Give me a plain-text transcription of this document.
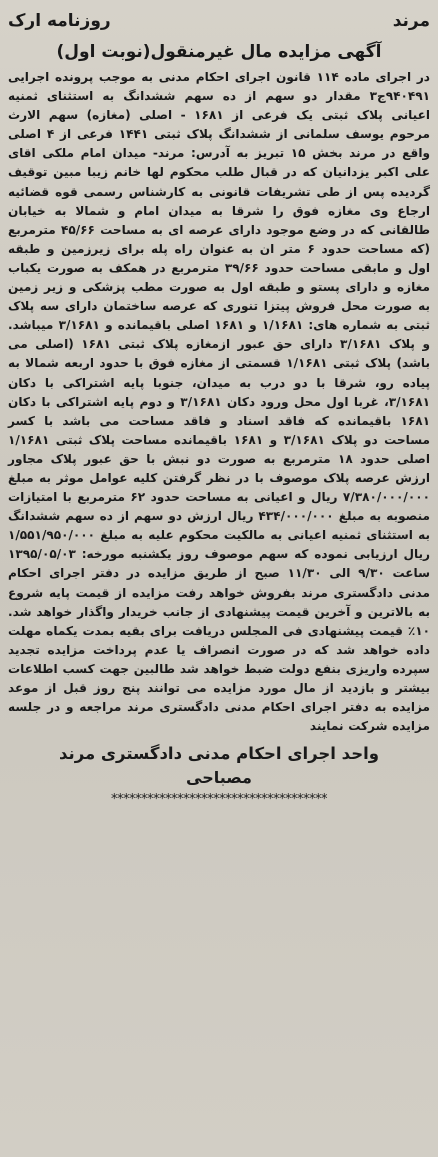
مرند
روزنامه ارک
آگهی مزایده مال غیرمنقول(نوبت اول)
در اجرای ماده ۱۱۴ قانون اجرای احکام مدنی به موجب پرونده اجرایی ۹۴۰۴۹۱ج۳ مقدار دو سهم از ده سهم ششدانگ به استثنای ثمنیه اعیانی پلاک ثبتی یک فرعی از ۱۶۸۱ - اصلی (مغازه) سهم الارث مرحوم یوسف سلمانی از ششدانگ پلاک ثبتی ۱۴۴۱ فرعی از ۴ اصلی واقع در مرند بخش ۱۵ تبریز به آدرس: مرند- میدان امام ملکی اقای علی اکبر یزدانیان که در قبال طلب محکوم لها خانم زیبا مبین توقیف گردیده پس از طی تشریفات قانونی به کارشناس رسمی قوه قضائیه ارجاع وی مغازه فوق را شرقا به میدان امام و شمالا به خیابان طالقانی که در وضع موجود دارای عرصه ای به مساحت ۴۵/۶۶ مترمربع (که مساحت حدود ۶ متر ان به عنوان راه پله برای زیرزمین و طبقه اول و مابقی مساحت حدود ۳۹/۶۶ مترمربع در همکف به صورت یکباب مغازه و دارای پستو و طبقه اول به صورت مطب پزشکی و زیر زمین به صورت محل فروش پیتزا تنوری که عرصه ساختمان دارای سه پلاک ثبتی به شماره های: ۱/۱۶۸۱ و ۱۶۸۱ اصلی باقیمانده و ۳/۱۶۸۱ میباشد. و پلاک ۳/۱۶۸۱ دارای حق عبور ازمغازه پلاک ثبتی ۱۶۸۱ (اصلی می باشد) پلاک ثبتی ۱/۱۶۸۱ قسمتی از مغازه فوق با حدود اربعه شمالا به پیاده رو، شرقا با دو درب به میدان، جنوبا پایه اشتراکی با دکان ۳/۱۶۸۱، غربا اول محل ورود دکان ۳/۱۶۸۱ و دوم پایه اشتراکی با دکان ۱۶۸۱ باقیمانده که فاقد اسناد و فاقد مساحت می باشد با کسر مساحت دو پلاک ۳/۱۶۸۱ و ۱۶۸۱ باقیمانده مساحت پلاک ثبتی ۱/۱۶۸۱ اصلی حدود ۱۸ مترمربع به صورت دو نبش با حق عبور پلاک مجاور ارزش عرصه پلاک موصوف با در نظر گرفتن کلیه عوامل موثر به مبلغ ۷/۳۸۰/۰۰۰/۰۰۰ ریال و اعیانی به مساحت حدود ۶۲ مترمربع با امتیازات منصوبه به مبلغ ۴۳۴/۰۰۰/۰۰۰ ریال ارزش دو سهم از ده سهم ششدانگ به استثنای ثمنیه اعیانی به مالکیت محکوم علیه به مبلغ ۱/۵۵۱/۹۵۰/۰۰۰ ریال ارزیابی نموده که سهم موصوف روز یکشنبه مورخه: ۱۳۹۵/۰۵/۰۳ ساعت ۹/۳۰ الی ۱۱/۳۰ صبح از طریق مزایده در دفتر اجرای احکام مدنی دادگستری مرند بفروش خواهد رفت مزایده از قیمت پایه شروع به بالاترین و آخرین قیمت پیشنهادی از جانب خریدار واگذار خواهد شد. ۱۰٪ قیمت پیشنهادی فی المجلس دریافت برای بقیه بمدت یکماه مهلت داده خواهد شد که در صورت انصراف یا عدم پرداخت مزایده تجدید سپرده واریزی بنفع دولت ضبط خواهد شد طالبین جهت کسب اطلاعات بیشتر و بازدید از مال مورد مزایده می توانند پنج روز قبل از موعد مزایده به دفتر اجرای احکام مدنی دادگستری مرند مراجعه و در جلسه مزایده شرکت نمایند
واحد اجرای احکام مدنی دادگستری مرند
مصباحی
************************************
